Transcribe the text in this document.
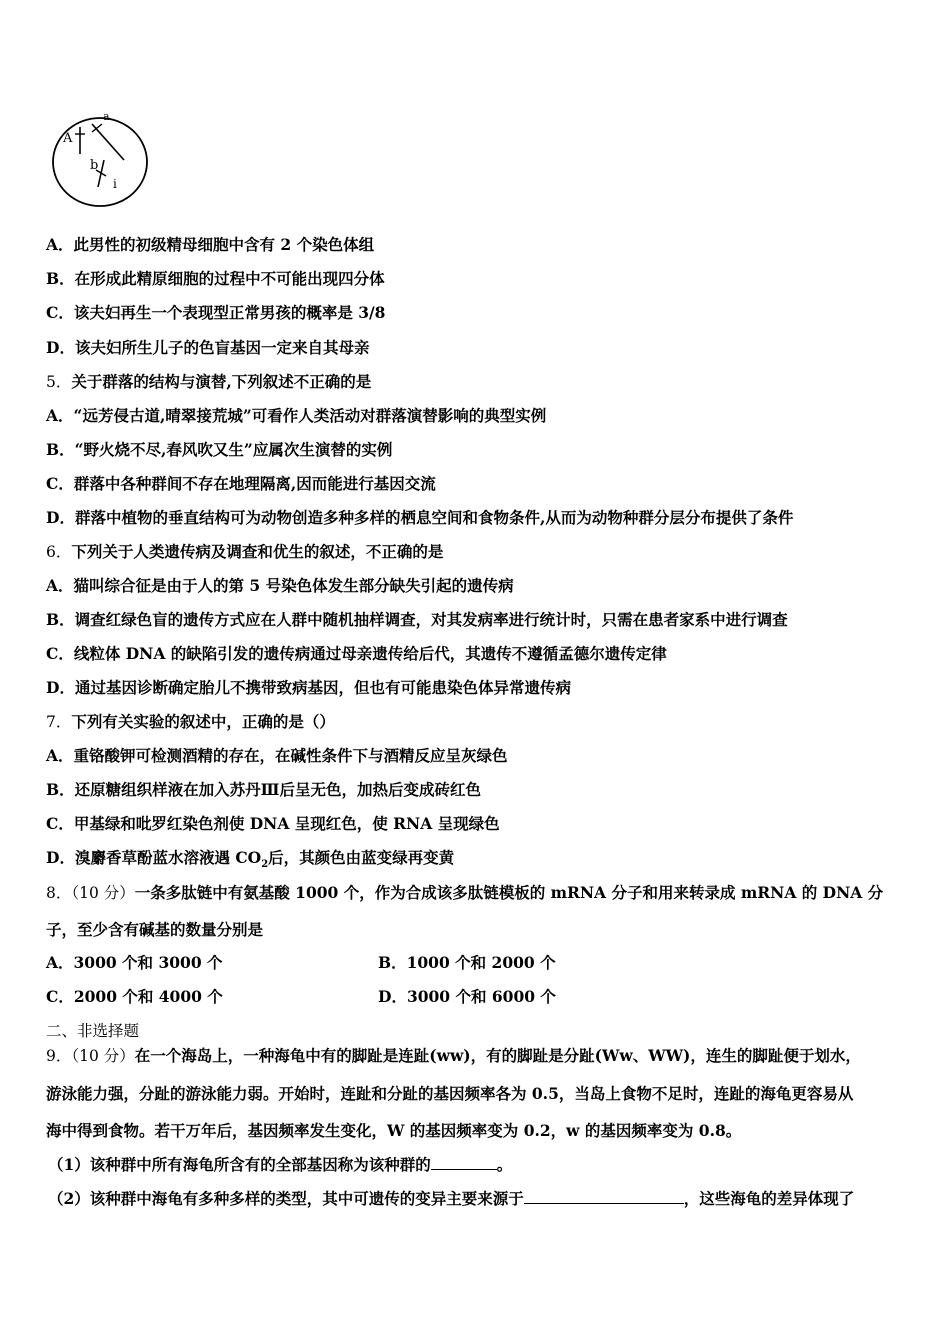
A
a
b
i
A．此男性的初级精母细胞中含有 2 个染色体组
B．在形成此精原细胞的过程中不可能出现四分体
C．该夫妇再生一个表现型正常男孩的概率是 3/8
D．该夫妇所生儿子的色盲基因一定来自其母亲
5．关于群落的结构与演替,下列叙述不正确的是
A．“远芳侵古道,晴翠接荒城”可看作人类活动对群落演替影响的典型实例
B．“野火烧不尽,春风吹又生”应属次生演替的实例
C．群落中各种群间不存在地理隔离,因而能进行基因交流
D．群落中植物的垂直结构可为动物创造多种多样的栖息空间和食物条件,从而为动物种群分层分布提供了条件
6．下列关于人类遗传病及调查和优生的叙述，不正确的是
A．猫叫综合征是由于人的第 5 号染色体发生部分缺失引起的遗传病
B．调查红绿色盲的遗传方式应在人群中随机抽样调查，对其发病率进行统计时，只需在患者家系中进行调查
C．线粒体 DNA 的缺陷引发的遗传病通过母亲遗传给后代，其遗传不遵循孟德尔遗传定律
D．通过基因诊断确定胎儿不携带致病基因，但也有可能患染色体异常遗传病
7．下列有关实验的叙述中，正确的是（）
A．重铬酸钾可检测酒精的存在，在碱性条件下与酒精反应呈灰绿色
B．还原糖组织样液在加入苏丹Ⅲ后呈无色，加热后变成砖红色
C．甲基绿和吡罗红染色剂使 DNA 呈现红色，使 RNA 呈现绿色
D．溴麝香草酚蓝水溶液遇 $CO_2$后，其颜色由蓝变绿再变黄
8．（10 分）一条多肽链中有氨基酸 1000 个，作为合成该多肽链模板的 mRNA 分子和用来转录成 mRNA 的 DNA 分
子，至少含有碱基的数量分别是
A．3000 个和 3000 个	B．1000 个和 2000 个
C．2000 个和 4000 个	D．3000 个和 6000 个
二、非选择题
9．（10 分）在一个海岛上，一种海龟中有的脚趾是连趾(ww)，有的脚趾是分趾(Ww、WW)，连生的脚趾便于划水，
游泳能力强，分趾的游泳能力弱。开始时，连趾和分趾的基因频率各为 0.5，当岛上食物不足时，连趾的海龟更容易从
海中得到食物。若干万年后，基因频率发生变化，W 的基因频率变为 0.2，w 的基因频率变为 0.8。
（1）该种群中所有海龟所含有的全部基因称为该种群的	。
（2）该种群中海龟有多种多样的类型，其中可遗传的变异主要来源于	，这些海龟的差异体现了
